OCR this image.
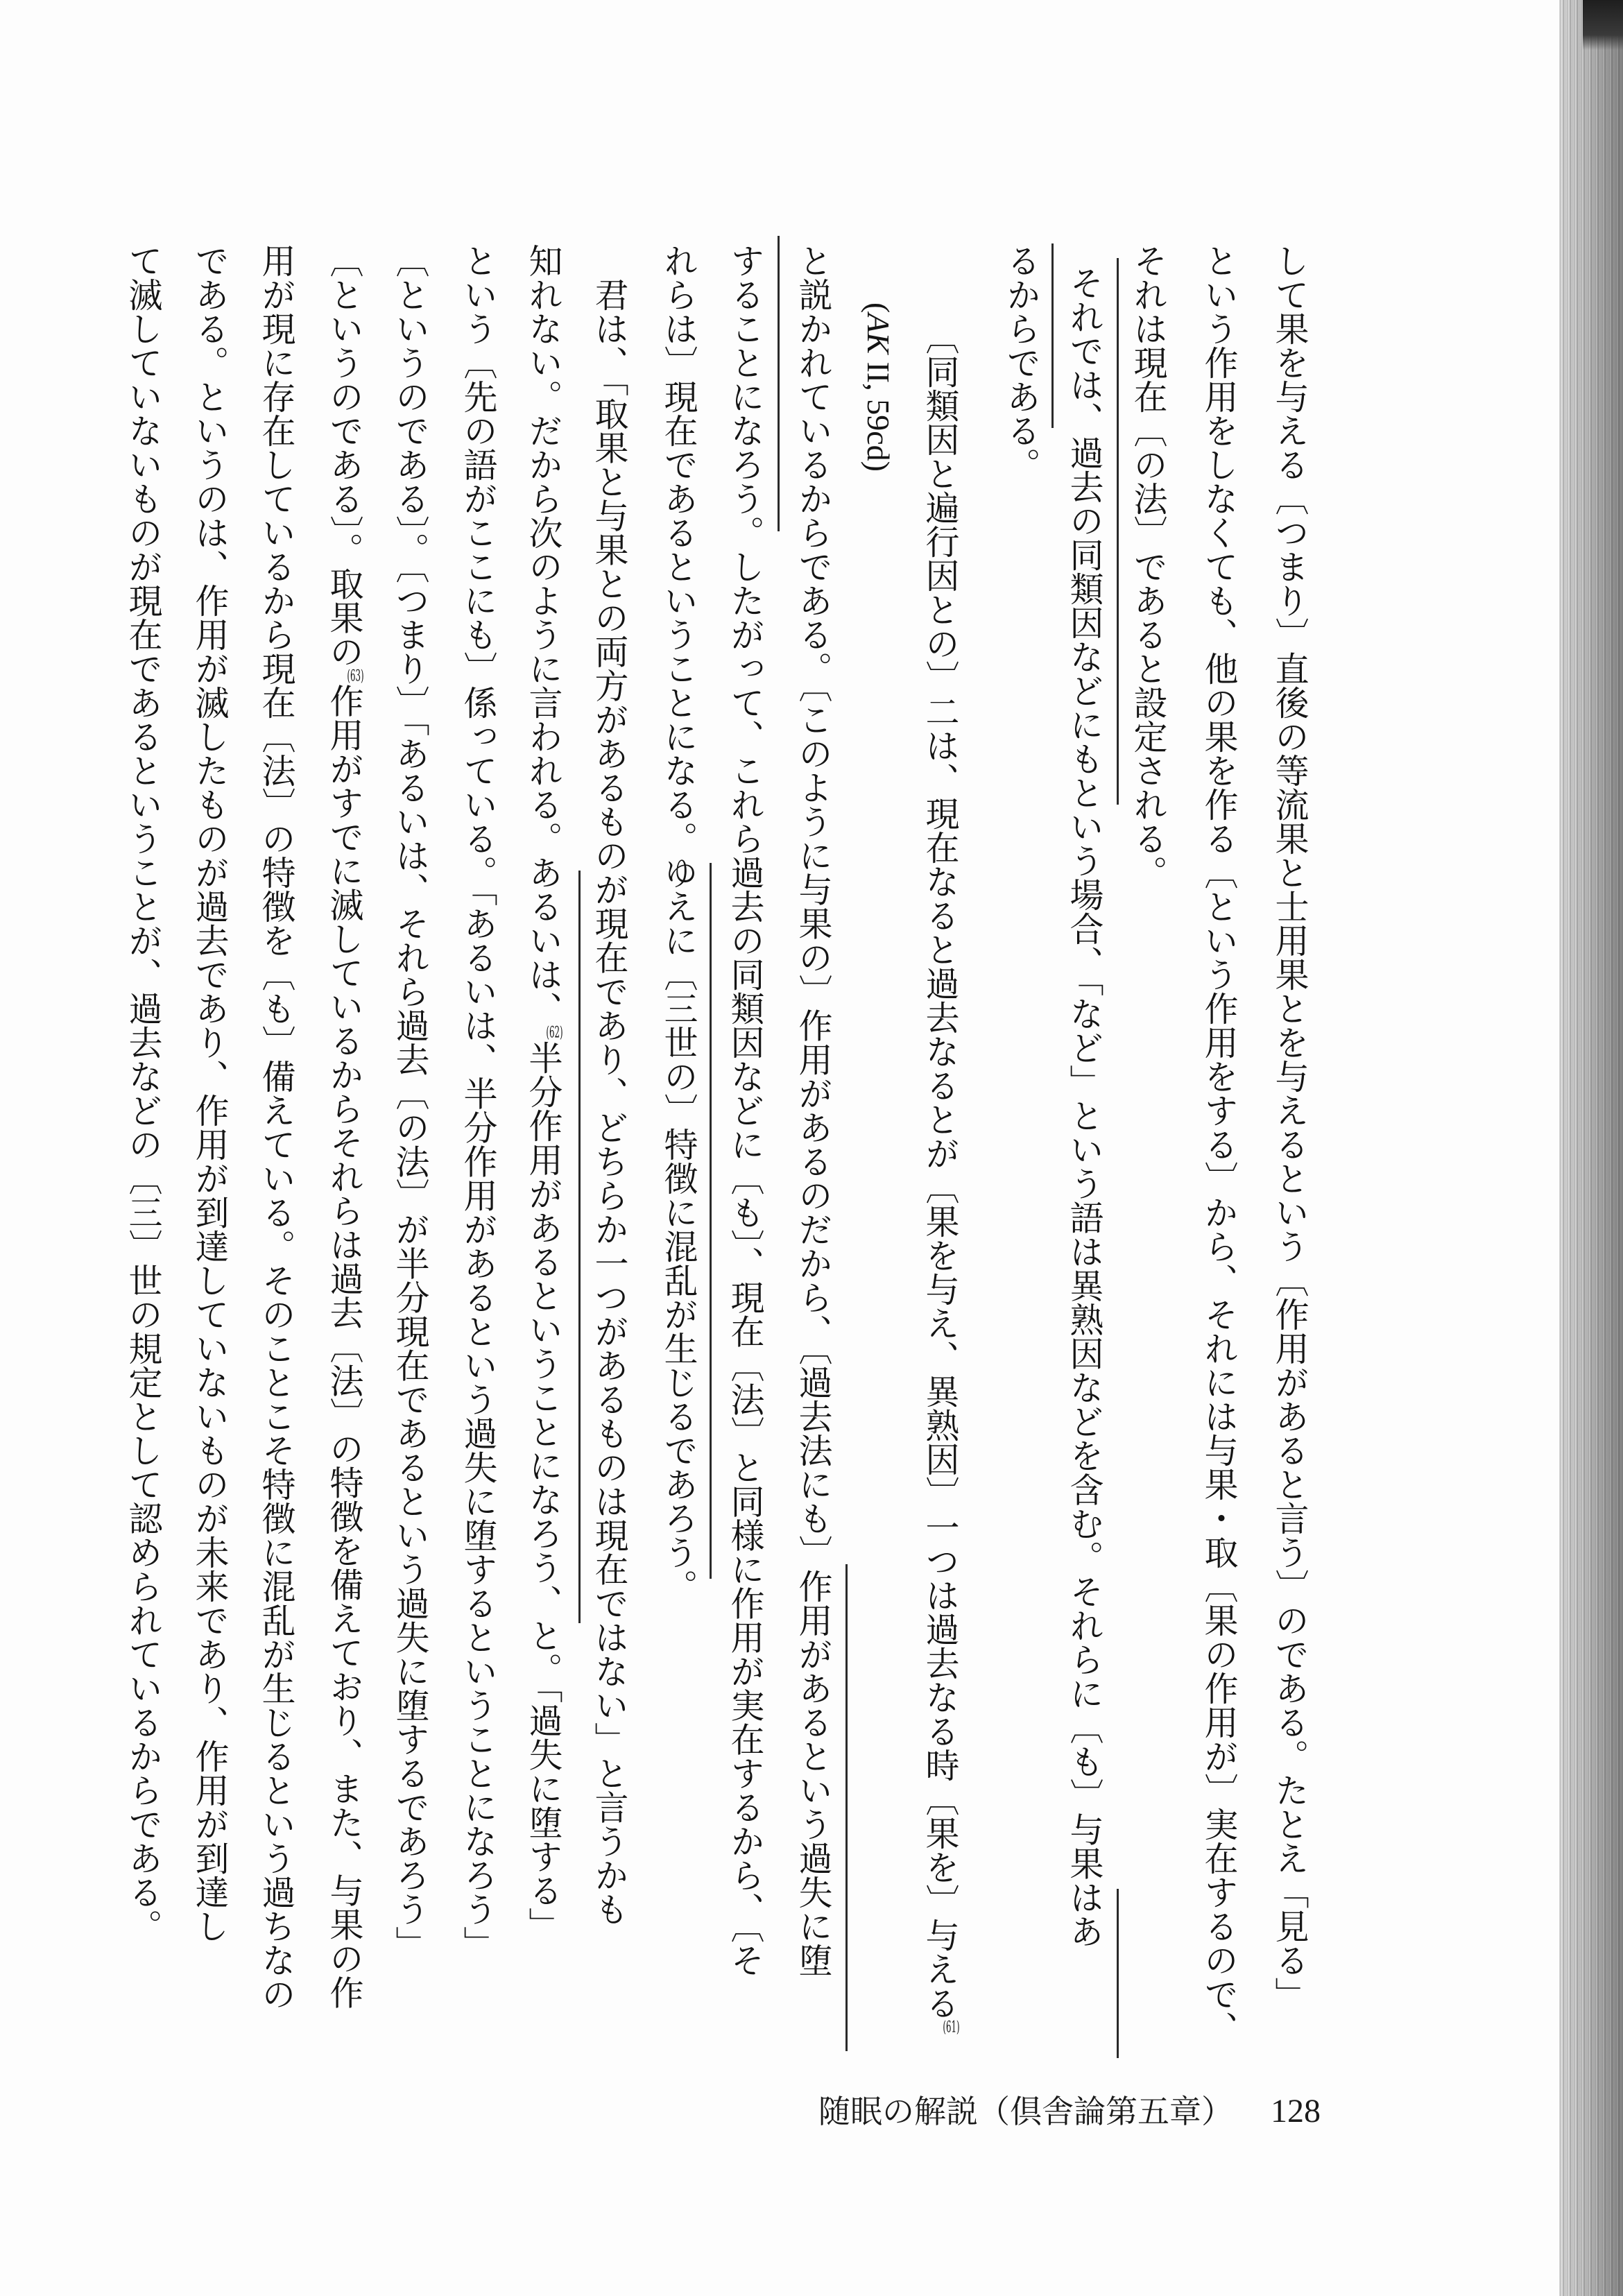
して果を与える〔つまり〕直後の等流果と士用果とを与えるという〔作用があると言う〕のである。たとえ「見る」
という作用をしなくても、他の果を作る〔という作用をする〕から、それには与果・取〔果の作用が〕実在するので、
それは現在〔の法〕であると設定される。
それでは、過去の同類因などにもという場合、「など」という語は異熟因などを含む。それらに〔も〕与果はあ
るからである。
〔同類因と遍行因との〕二は、現在なると過去なるとが〔果を与え、異熟因〕一つは過去なる時〔果を〕与える(61)
(AK II, 59cd)
と説かれているからである。〔このように与果の〕作用があるのだから、〔過去法にも〕作用があるという過失に堕
することになろう。したがって、これら過去の同類因などに〔も〕、現在〔法〕と同様に作用が実在するから、〔そ
れらは〕現在であるということになる。ゆえに〔三世の〕特徴に混乱が生じるであろう。
君は、「取果と与果との両方があるものが現在であり、どちらか一つがあるものは現在ではない」と言うかも
知れない。だから次のように言われる。あるいは、(62)半分作用があるということになろう、と。「過失に堕する」
という〔先の語がここにも〕係っている。「あるいは、半分作用があるという過失に堕するということになろう」
〔というのである〕。〔つまり〕「あるいは、それら過去〔の法〕が半分現在であるという過失に堕するであろう」
〔というのである〕。取果の(63)作用がすでに滅しているからそれらは過去〔法〕の特徴を備えており、また、与果の作
用が現に存在しているから現在〔法〕の特徴を〔も〕備えている。そのことこそ特徴に混乱が生じるという過ちなの
である。というのは、作用が滅したものが過去であり、作用が到達していないものが未来であり、作用が到達し
て滅していないものが現在であるということが、過去などの〔三〕世の規定として認められているからである。
随眠の解説（倶舎論第五章） 128
